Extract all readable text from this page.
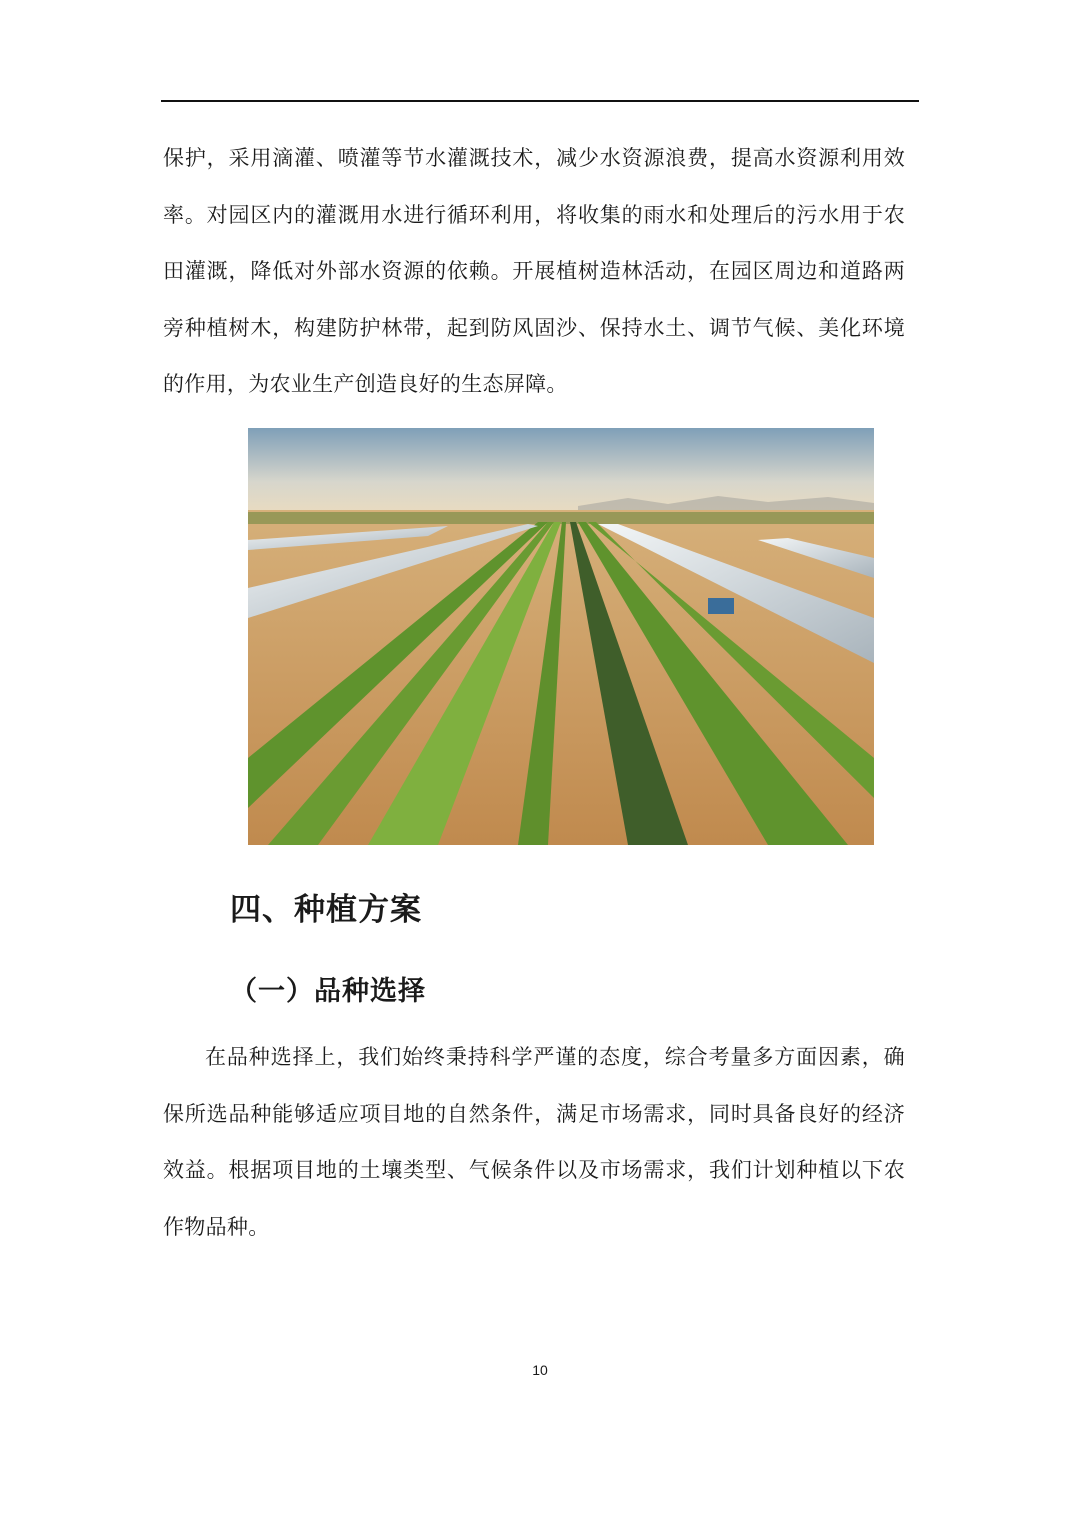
保护，采用滴灌、喷灌等节水灌溉技术，减少水资源浪费，提高水资源利用效率。对园区内的灌溉用水进行循环利用，将收集的雨水和处理后的污水用于农田灌溉，降低对外部水资源的依赖。开展植树造林活动，在园区周边和道路两旁种植树木，构建防护林带，起到防风固沙、保持水土、调节气候、美化环境的作用，为农业生产创造良好的生态屏障。

四、种植方案
（一）品种选择

在品种选择上，我们始终秉持科学严谨的态度，综合考量多方面因素，确保所选品种能够适应项目地的自然条件，满足市场需求，同时具备良好的经济效益。根据项目地的土壤类型、气候条件以及市场需求，我们计划种植以下农作物品种。

10
